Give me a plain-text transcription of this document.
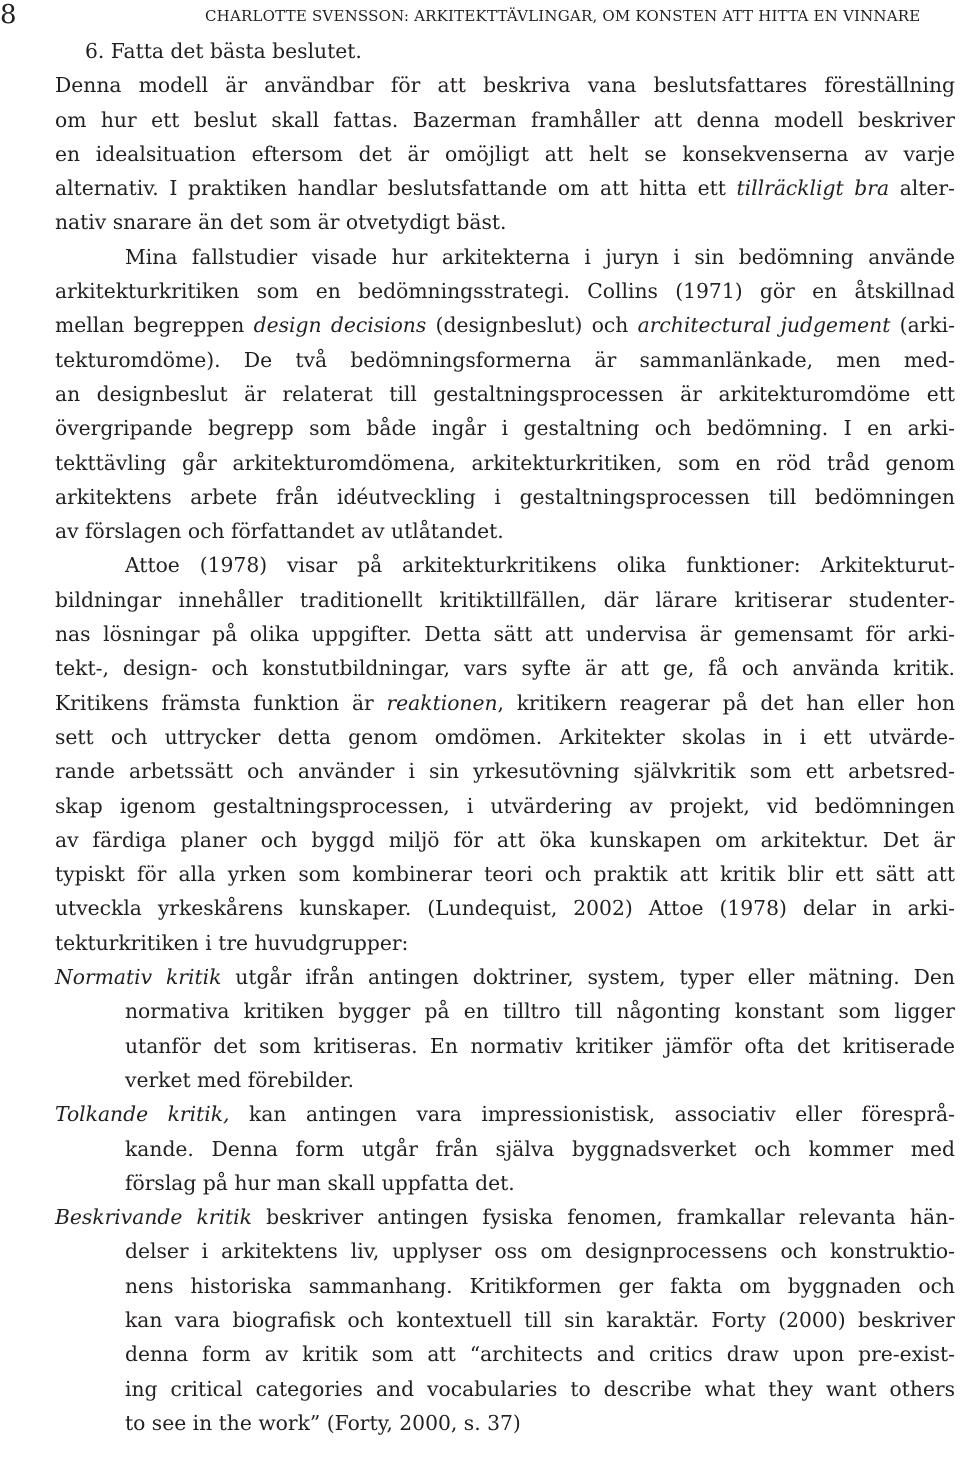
8	CHARLOTTE SVENSSON: ARKITEKTTÄVLINGAR, OM KONSTEN ATT HITTA EN VINNARE

6. Fatta det bästa beslutet.

Denna modell är användbar för att beskriva vana beslutsfattares föreställning
om hur ett beslut skall fattas. Bazerman framhåller att denna modell beskriver
en idealsituation eftersom det är omöjligt att helt se konsekvenserna av varje
alternativ. I praktiken handlar beslutsfattande om att hitta ett tillräckligt bra alter-
nativ snarare än det som är otvetydigt bäst.

Mina fallstudier visade hur arkitekterna i juryn i sin bedömning använde
arkitekturkritiken som en bedömningsstrategi. Collins (1971) gör en åtskillnad
mellan begreppen design decisions (designbeslut) och architectural judgement (arki-
tekturomdöme). De två bedömningsformerna är sammanlänkade, men med-
an designbeslut är relaterat till gestaltningsprocessen är arkitekturomdöme ett
övergripande begrepp som både ingår i gestaltning och bedömning. I en arki-
tekttävling går arkitekturomdömena, arkitekturkritiken, som en röd tråd genom
arkitektens arbete från idéutveckling i gestaltningsprocessen till bedömningen
av förslagen och författandet av utlåtandet.

Attoe (1978) visar på arkitekturkritikens olika funktioner: Arkitekturut-
bildningar innehåller traditionellt kritiktillfällen, där lärare kritiserar studenter-
nas lösningar på olika uppgifter. Detta sätt att undervisa är gemensamt för arki-
tekt-, design- och konstutbildningar, vars syfte är att ge, få och använda kritik.
Kritikens främsta funktion är reaktionen, kritikern reagerar på det han eller hon
sett och uttrycker detta genom omdömen. Arkitekter skolas in i ett utvärde-
rande arbetssätt och använder i sin yrkesutövning självkritik som ett arbetsred-
skap igenom gestaltningsprocessen, i utvärdering av projekt, vid bedömningen
av färdiga planer och byggd miljö för att öka kunskapen om arkitektur. Det är
typiskt för alla yrken som kombinerar teori och praktik att kritik blir ett sätt att
utveckla yrkeskårens kunskaper. (Lundequist, 2002) Attoe (1978) delar in arki-
tekturkritiken i tre huvudgrupper:

Normativ kritik utgår ifrån antingen doktriner, system, typer eller mätning. Den
normativa kritiken bygger på en tilltro till någonting konstant som ligger
utanför det som kritiseras. En normativ kritiker jämför ofta det kritiserade
verket med förebilder.

Tolkande kritik, kan antingen vara impressionistisk, associativ eller föresprå-
kande. Denna form utgår från själva byggnadsverket och kommer med
förslag på hur man skall uppfatta det.

Beskrivande kritik beskriver antingen fysiska fenomen, framkallar relevanta hän-
delser i arkitektens liv, upplyser oss om designprocessens och konstruktio-
nens historiska sammanhang. Kritikformen ger fakta om byggnaden och
kan vara biografisk och kontextuell till sin karaktär. Forty (2000) beskriver
denna form av kritik som att “architects and critics draw upon pre-exist-
ing critical categories and vocabularies to describe what they want others
to see in the work” (Forty, 2000, s. 37)
